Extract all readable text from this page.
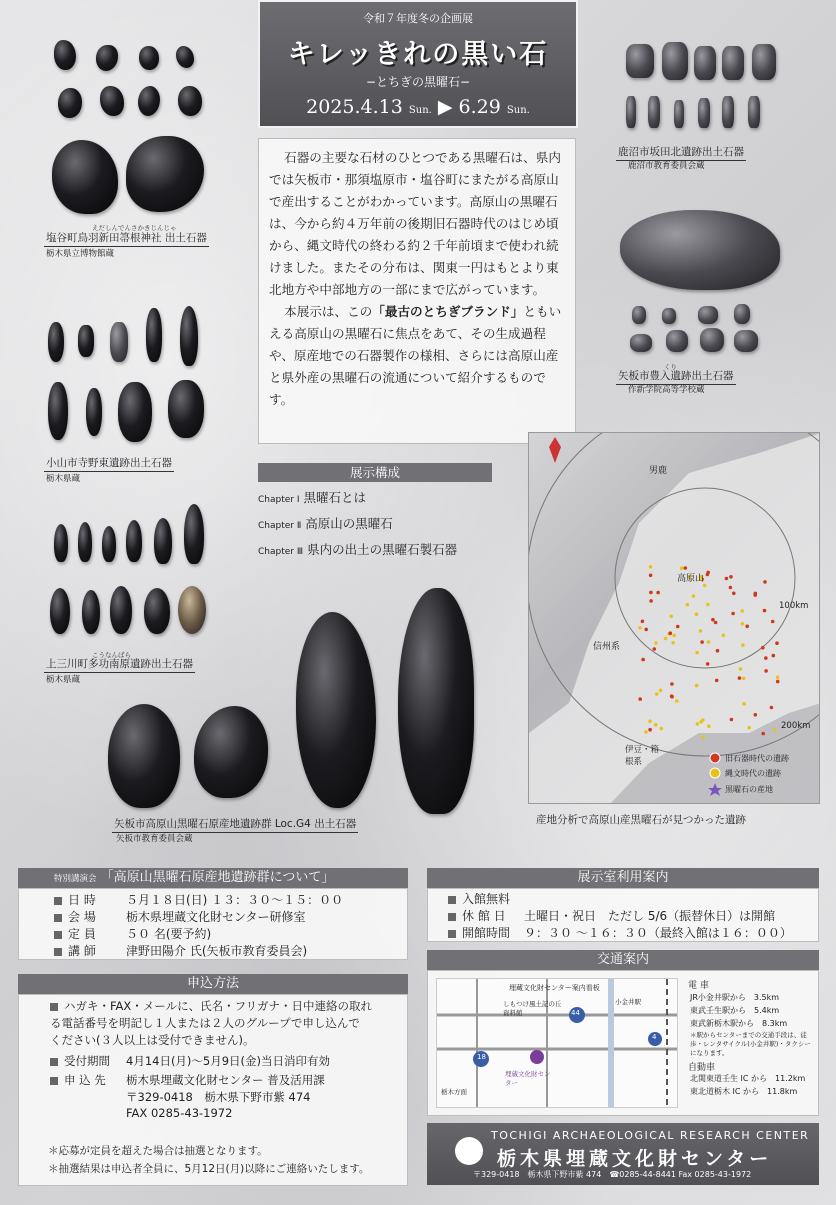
令和７年度冬の企画展
キレッきれの黒い石
−とちぎの黒曜石−
2025.4.13 Sun. ▶ 6.29 Sun.

石器の主要な石材のひとつである黒曜石は、県内では矢板市・那須塩原市・塩谷町にまたがる高原山で産出することがわかっています。高原山の黒曜石は、今から約４万年前の後期旧石器時代のはじめ頃から、縄文時代の終わる約２千年前頃まで使われ続けました。またその分布は、関東一円はもとより東北地方や中部地方の一部にまで広がっています。

本展示は、この「最古のとちぎブランド」ともいえる高原山の黒曜石に焦点をあて、その生成過程や、原産地での石器製作の様相、さらには高原山産と県外産の黒曜石の流通について紹介するものです。

えだしんでんさかきじんじゃ
塩谷町鳥羽新田箒根神社 出土石器
栃木県立博物館蔵
小山市寺野東遺跡出土石器
栃木県蔵
こうなんばら
上三川町多功南原遺跡出土石器
栃木県蔵
矢板市高原山黒曜石原産地遺跡群 Loc.G4 出土石器
矢板市教育委員会蔵
鹿沼市坂田北遺跡出土石器
鹿沼市教育委員会蔵
くり
矢板市豊入遺跡出土石器
作新学院高等学校蔵
展示構成
Chapter Ⅰ 黒曜石とは
Chapter Ⅱ 高原山の黒曜石
Chapter Ⅲ 県内の出土の黒曜石製石器
男鹿
高原山
信州系
伊豆・箱根系
100km
200km
旧石器時代の遺跡
縄文時代の遺跡
黒曜石の産地
産地分析で高原山産黒曜石が見つかった遺跡
特別講演会 「高原山黒曜石原産地遺跡群について」
日 時	５月１８日(日) １３：３０〜１５：００
会 場	栃木県埋蔵文化財センター研修室
定 員	５０ 名(要予約)
講 師	津野田陽介 氏(矢板市教育委員会)
申込方法
ハガキ・FAX・メールに、氏名・フリガナ・日中連絡の取れ
る電話番号を明記し１人または２人のグループで申し込んで
ください(３人以上は受付できません)。
受付期間 4月14日(月)〜5月9日(金)当日消印有効
申 込 先 栃木県埋蔵文化財センター 普及活用課
〒329-0418　栃木県下野市紫 474
FAX 0285-43-1972
＊応募が定員を超えた場合は抽選となります。
＊抽選結果は申込者全員に、5月12日(月)以降にご連絡いたします。
展示室利用案内
入館無料
休 館 日 土曜日・祝日　ただし 5/6（振替休日）は開館
開館時間 ９：３０ 〜１６：３０（最終入館は１６：００）
交通案内
44
18
4
埋蔵文化財センター案内看板
しもつけ風土記の丘資料館
小金井駅
栃木方面
埋蔵文化財センター
電 車
JR小金井駅から　3.5km
東武壬生駅から　5.4km
東武新栃木駅から　8.3km
＊駅からセンターまでの交通手段は、徒歩・レンタサイクル(小金井駅)・タクシーになります。
自動車
北関東道壬生 IC から　11.2km
東北道栃木 IC から　11.8km
TOCHIGI ARCHAEOLOGICAL RESEARCH CENTER
栃木県埋蔵文化財センター
〒329-0418　栃木県下野市紫 474　☎0285-44-8441 Fax 0285-43-1972
